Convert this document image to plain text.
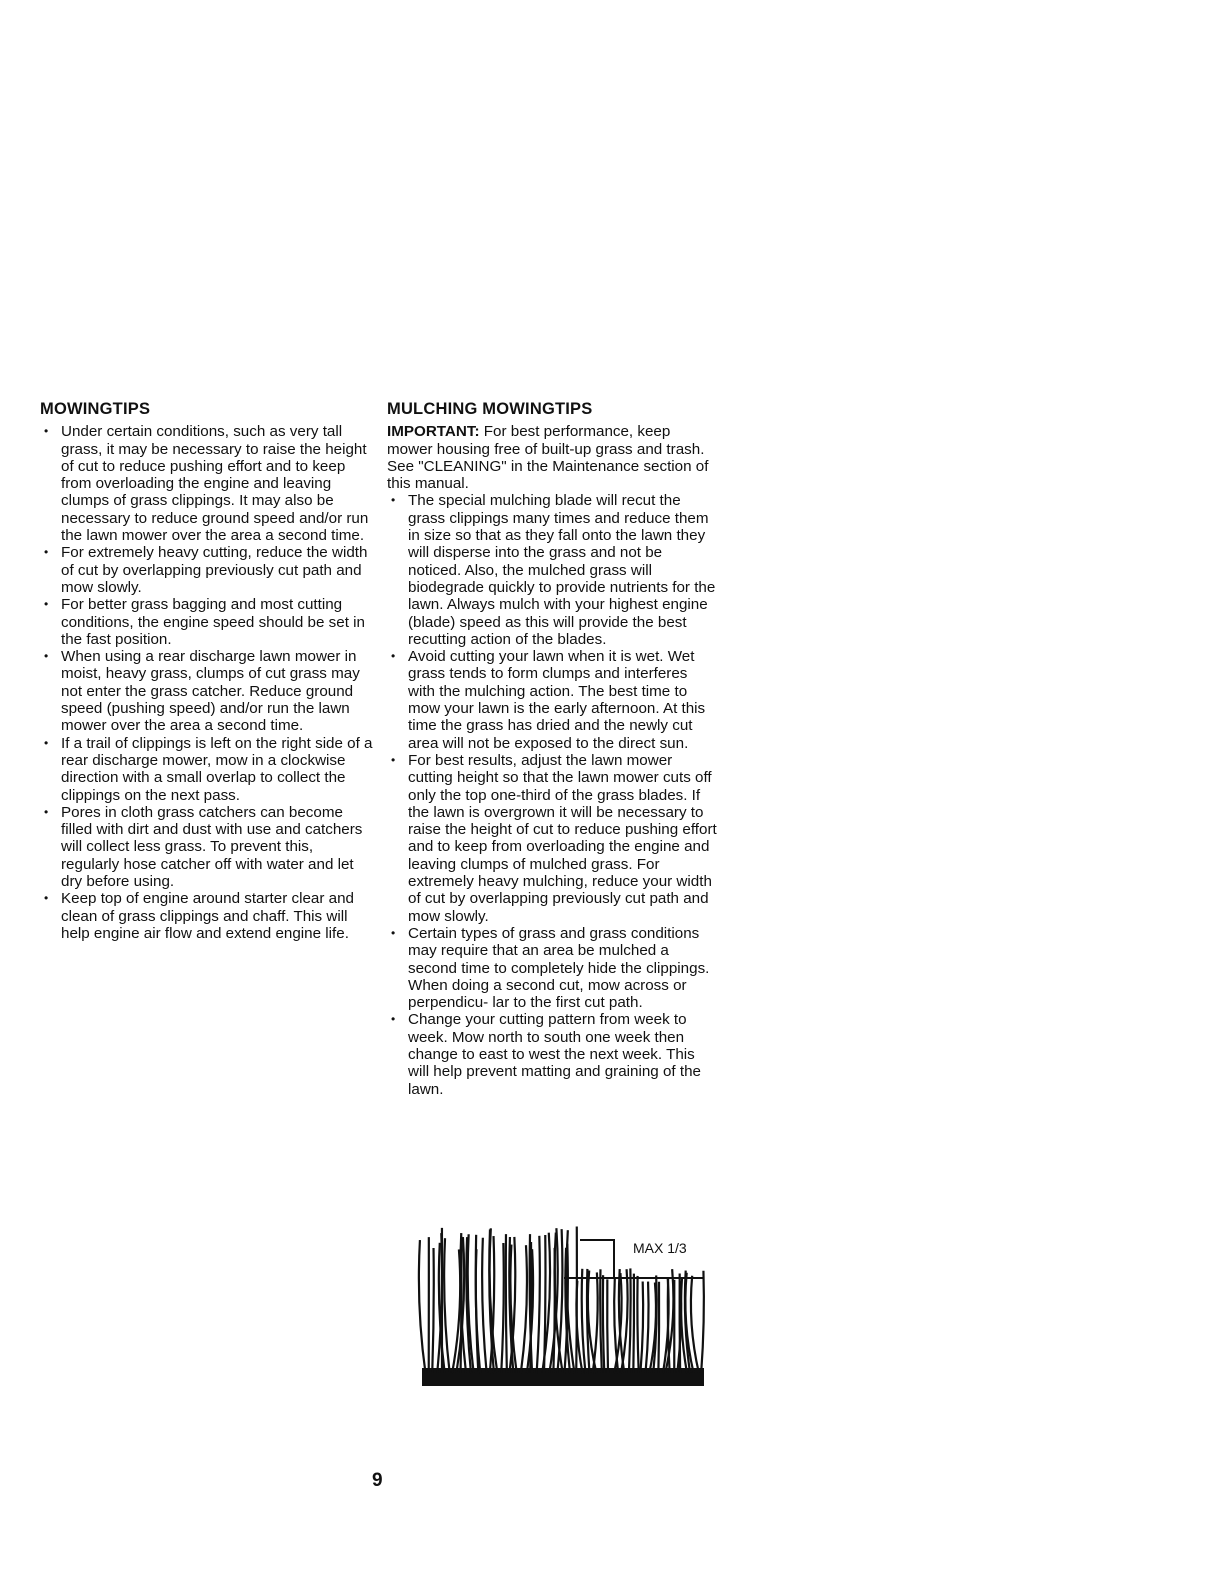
MOWINGTIPS
• Under certain conditions, such as very tall grass, it may be necessary to raise the height of cut to reduce pushing effort and to keep from overloading the engine and leaving clumps of grass clippings. It may also be necessary to reduce ground speed and/or run the lawn mower over the area a second time.
• For extremely heavy cutting, reduce the width of cut by overlapping previously cut path and mow slowly.
• For better grass bagging and most cutting conditions, the engine speed should be set in the fast position.
• When using a rear discharge lawn mower in moist, heavy grass, clumps of cut grass may not enter the grass catcher. Reduce ground speed (pushing speed) and/or run the lawn mower over the area a second time.
• If a trail of clippings is left on the right side of a rear discharge mower, mow in a clockwise direction with a small overlap to collect the clippings on the next pass.
• Pores in cloth grass catchers can become filled with dirt and dust with use and catchers will collect less grass. To prevent this, regularly hose catcher off with water and let dry before using.
• Keep top of engine around starter clear and clean of grass clippings and chaff. This will help engine air flow and extend engine life.
MULCHING MOWINGTIPS

IMPORTANT: For best performance, keep mower housing free of built-up grass and trash. See "CLEANING" in the Maintenance section of this manual.

• The special mulching blade will recut the grass clippings many times and reduce them in size so that as they fall onto the lawn they will disperse into the grass and not be noticed. Also, the mulched grass will biodegrade quickly to provide nutrients for the lawn. Always mulch with your highest engine (blade) speed as this will provide the best recutting action of the blades.
• Avoid cutting your lawn when it is wet. Wet grass tends to form clumps and interferes with the mulching action. The best time to mow your lawn is the early afternoon. At this time the grass has dried and the newly cut area will not be exposed to the direct sun.
• For best results, adjust the lawn mower cutting height so that the lawn mower cuts off only the top one-third of the grass blades. If the lawn is overgrown it will be necessary to raise the height of cut to reduce pushing effort and to keep from overloading the engine and leaving clumps of mulched grass. For extremely heavy mulching, reduce your width of cut by overlapping previously cut path and mow slowly.
• Certain types of grass and grass conditions may require that an area be mulched a second time to completely hide the clippings. When doing a second cut, mow across or perpendicu- lar to the first cut path.
• Change your cutting pattern from week to week. Mow north to south one week then change to east to west the next week. This will help prevent matting and graining of the lawn.
MAX 1/3
9
